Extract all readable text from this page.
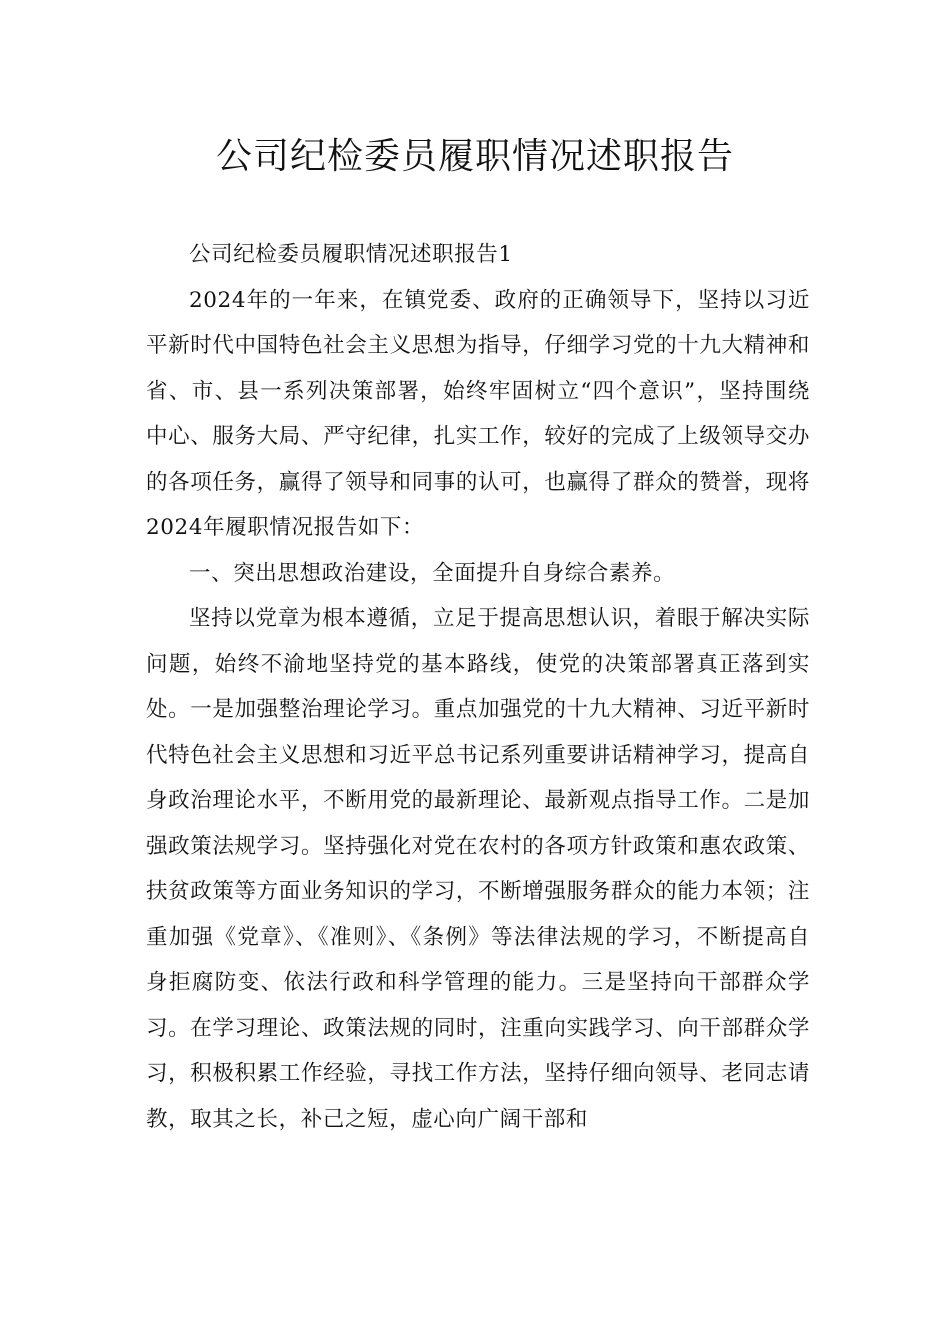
公司纪检委员履职情况述职报告

公司纪检委员履职情况述职报告1

2024年的一年来，在镇党委、政府的正确领导下，坚持以习近平新时代中国特色社会主义思想为指导，仔细学习党的十九大精神和省、市、县一系列决策部署，始终牢固树立“四个意识”，坚持围绕中心、服务大局、严守纪律，扎实工作，较好的完成了上级领导交办的各项任务，赢得了领导和同事的认可，也赢得了群众的赞誉，现将2024年履职情况报告如下：

一、突出思想政治建设，全面提升自身综合素养。

坚持以党章为根本遵循，立足于提高思想认识，着眼于解决实际问题，始终不渝地坚持党的基本路线，使党的决策部署真正落到实处。一是加强整治理论学习。重点加强党的十九大精神、习近平新时代特色社会主义思想和习近平总书记系列重要讲话精神学习，提高自身政治理论水平，不断用党的最新理论、最新观点指导工作。二是加强政策法规学习。坚持强化对党在农村的各项方针政策和惠农政策、扶贫政策等方面业务知识的学习，不断增强服务群众的能力本领；注重加强《党章》、《准则》、《条例》等法律法规的学习，不断提高自身拒腐防变、依法行政和科学管理的能力。三是坚持向干部群众学习。在学习理论、政策法规的同时，注重向实践学习、向干部群众学习，积极积累工作经验，寻找工作方法，坚持仔细向领导、老同志请教，取其之长，补己之短，虚心向广阔干部和
